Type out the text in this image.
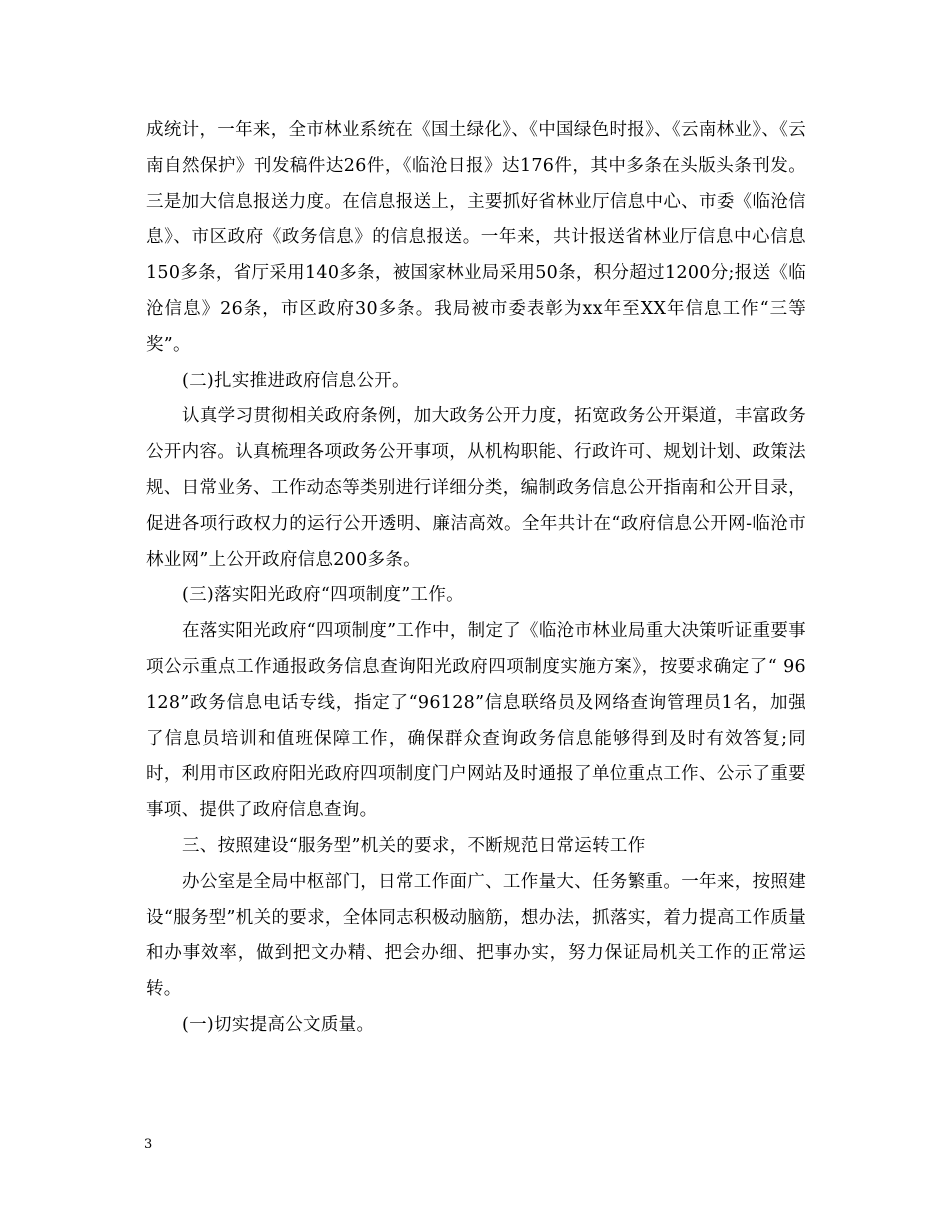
成统计，一年来，全市林业系统在《国土绿化》、《中国绿色时报》、《云南林业》、《云南自然保护》刊发稿件达26件，《临沧日报》达176件，其中多条在头版头条刊发。三是加大信息报送力度。在信息报送上，主要抓好省林业厅信息中心、市委《临沧信息》、市区政府《政务信息》的信息报送。一年来，共计报送省林业厅信息中心信息150多条，省厅采用140多条，被国家林业局采用50条，积分超过1200分;报送《临沧信息》26条，市区政府30多条。我局被市委表彰为xx年至XX年信息工作“三等奖”。

(二)扎实推进政府信息公开。

认真学习贯彻相关政府条例，加大政务公开力度，拓宽政务公开渠道，丰富政务公开内容。认真梳理各项政务公开事项，从机构职能、行政许可、规划计划、政策法规、日常业务、工作动态等类别进行详细分类，编制政务信息公开指南和公开目录，促进各项行政权力的运行公开透明、廉洁高效。全年共计在“政府信息公开网-临沧市林业网”上公开政府信息200多条。

(三)落实阳光政府“四项制度”工作。

在落实阳光政府“四项制度”工作中，制定了《临沧市林业局重大决策听证重要事项公示重点工作通报政务信息查询阳光政府四项制度实施方案》，按要求确定了“ 96128”政务信息电话专线，指定了“96128”信息联络员及网络查询管理员1名，加强了信息员培训和值班保障工作，确保群众查询政务信息能够得到及时有效答复;同时，利用市区政府阳光政府四项制度门户网站及时通报了单位重点工作、公示了重要事项、提供了政府信息查询。

三、按照建设“服务型”机关的要求，不断规范日常运转工作

办公室是全局中枢部门，日常工作面广、工作量大、任务繁重。一年来，按照建设“服务型”机关的要求，全体同志积极动脑筋，想办法，抓落实，着力提高工作质量和办事效率，做到把文办精、把会办细、把事办实，努力保证局机关工作的正常运转。

(一)切实提高公文质量。

3
